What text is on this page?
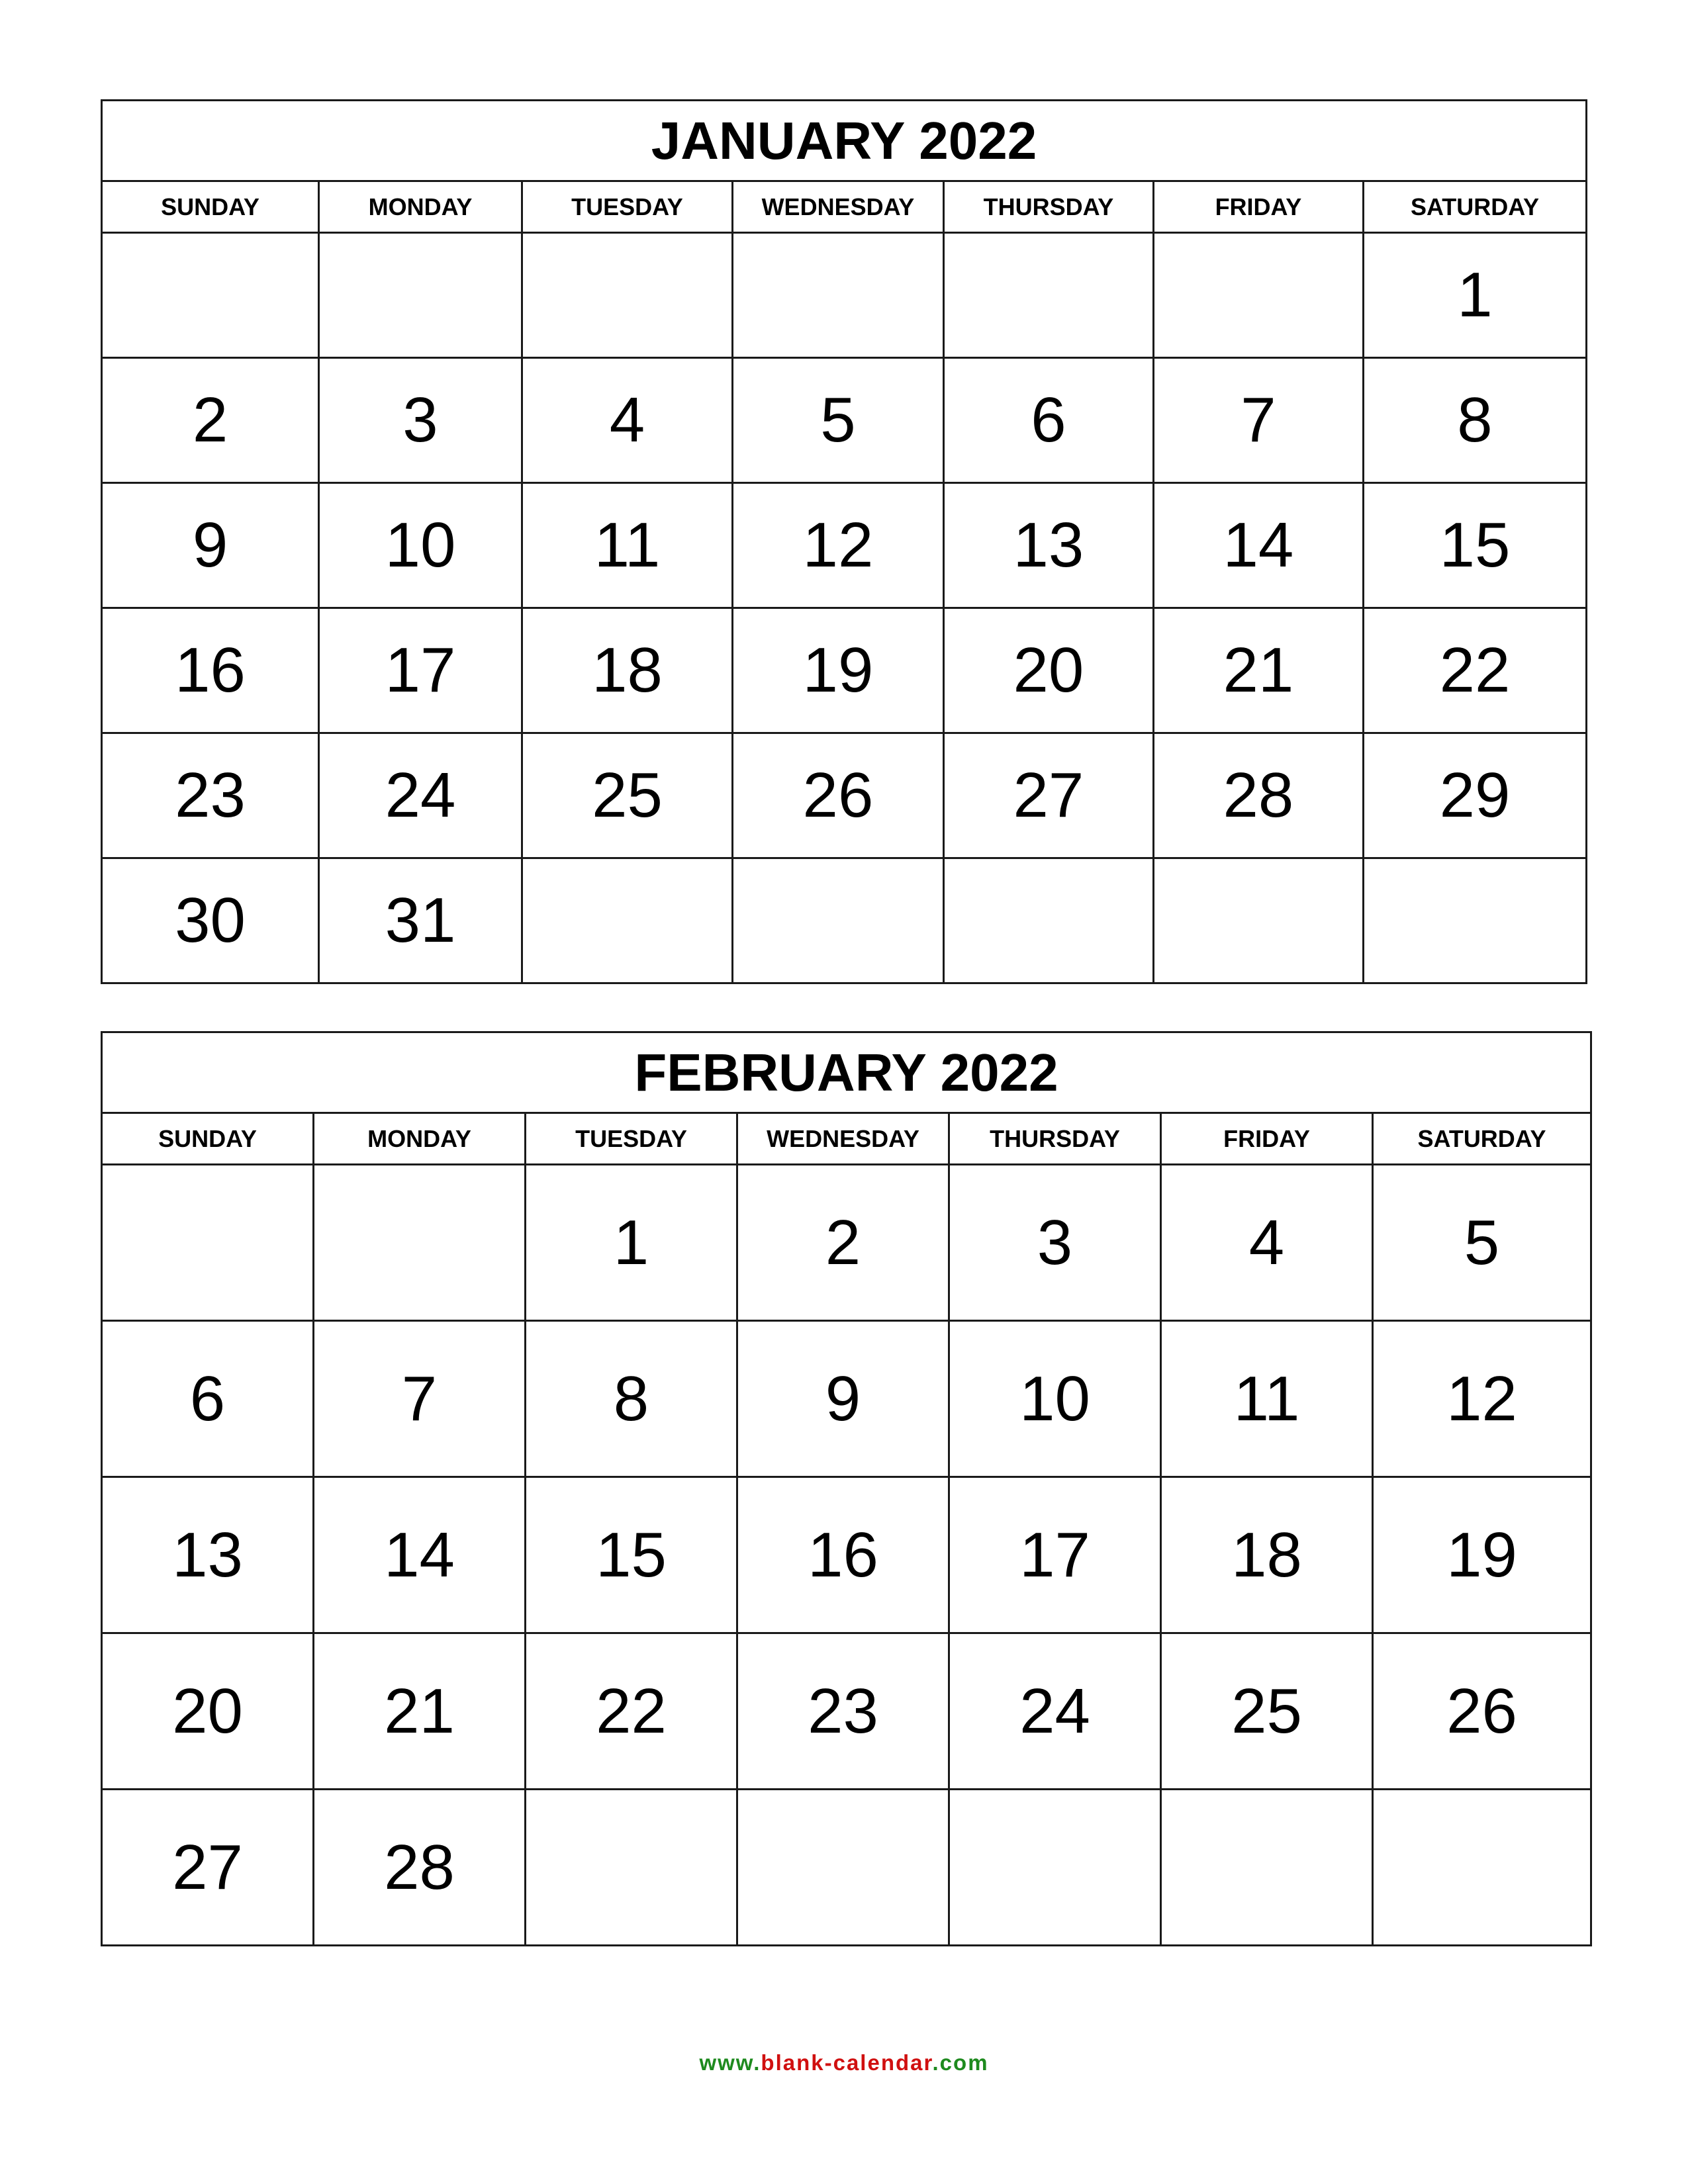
JANUARY 2022						
SUNDAY	MONDAY	TUESDAY	WEDNESDAY	THURSDAY	FRIDAY	SATURDAY
						1
2	3	4	5	6	7	8
9	10	11	12	13	14	15
16	17	18	19	20	21	22
23	24	25	26	27	28	29
30	31					
FEBRUARY 2022						
SUNDAY	MONDAY	TUESDAY	WEDNESDAY	THURSDAY	FRIDAY	SATURDAY
		1	2	3	4	5
6	7	8	9	10	11	12
13	14	15	16	17	18	19
20	21	22	23	24	25	26
27	28					
www.blank-calendar.com
